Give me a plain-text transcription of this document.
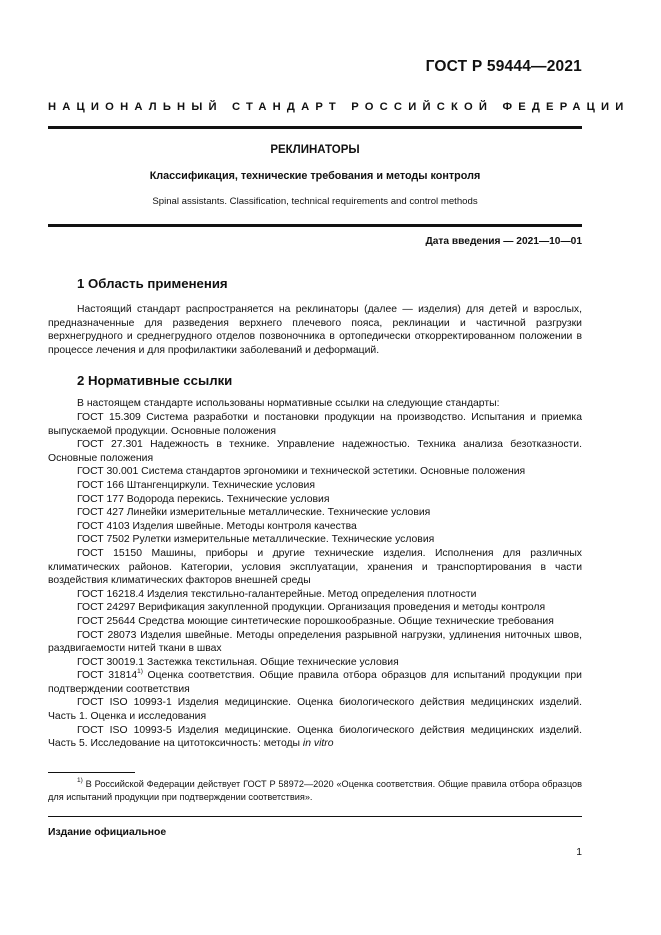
ГОСТ Р 59444—2021
НАЦИОНАЛЬНЫЙ СТАНДАРТ РОССИЙСКОЙ ФЕДЕРАЦИИ
РЕКЛИНАТОРЫ
Классификация, технические требования и методы контроля
Spinal assistants. Classification, technical requirements and control methods
Дата введения — 2021—10—01
1 Область применения
Настоящий стандарт распространяется на реклинаторы (далее — изделия) для детей и взрослых, предназначенные для разведения верхнего плечевого пояса, реклинации и частичной разгрузки верхнегрудного и среднегрудного отделов позвоночника в ортопедически откорректированном положении в процессе лечения и для профилактики заболеваний и деформаций.
2 Нормативные ссылки
В настоящем стандарте использованы нормативные ссылки на следующие стандарты:
ГОСТ 15.309 Система разработки и постановки продукции на производство. Испытания и приемка выпускаемой продукции. Основные положения
ГОСТ 27.301 Надежность в технике. Управление надежностью. Техника анализа безотказности. Основные положения
ГОСТ 30.001 Система стандартов эргономики и технической эстетики. Основные положения
ГОСТ 166 Штангенциркули. Технические условия
ГОСТ 177 Водорода перекись. Технические условия
ГОСТ 427 Линейки измерительные металлические. Технические условия
ГОСТ 4103 Изделия швейные. Методы контроля качества
ГОСТ 7502 Рулетки измерительные металлические. Технические условия
ГОСТ 15150 Машины, приборы и другие технические изделия. Исполнения для различных климатических районов. Категории, условия эксплуатации, хранения и транспортирования в части воздействия климатических факторов внешней среды
ГОСТ 16218.4 Изделия текстильно-галантерейные. Метод определения плотности
ГОСТ 24297 Верификация закупленной продукции. Организация проведения и методы контроля
ГОСТ 25644 Средства моющие синтетические порошкообразные. Общие технические требования
ГОСТ 28073 Изделия швейные. Методы определения разрывной нагрузки, удлинения ниточных швов, раздвигаемости нитей ткани в швах
ГОСТ 30019.1 Застежка текстильная. Общие технические условия
ГОСТ 31814$^{1)}$ Оценка соответствия. Общие правила отбора образцов для испытаний продукции при подтверждении соответствия
ГОСТ ISO 10993-1 Изделия медицинские. Оценка биологического действия медицинских изделий. Часть 1. Оценка и исследования
ГОСТ ISO 10993-5 Изделия медицинские. Оценка биологического действия медицинских изделий. Часть 5. Исследование на цитотоксичность: методы in vitro
$^{1)}$ В Российской Федерации действует ГОСТ Р 58972—2020 «Оценка соответствия. Общие правила отбора образцов для испытаний продукции при подтверждении соответствия».
Издание официальное
1
